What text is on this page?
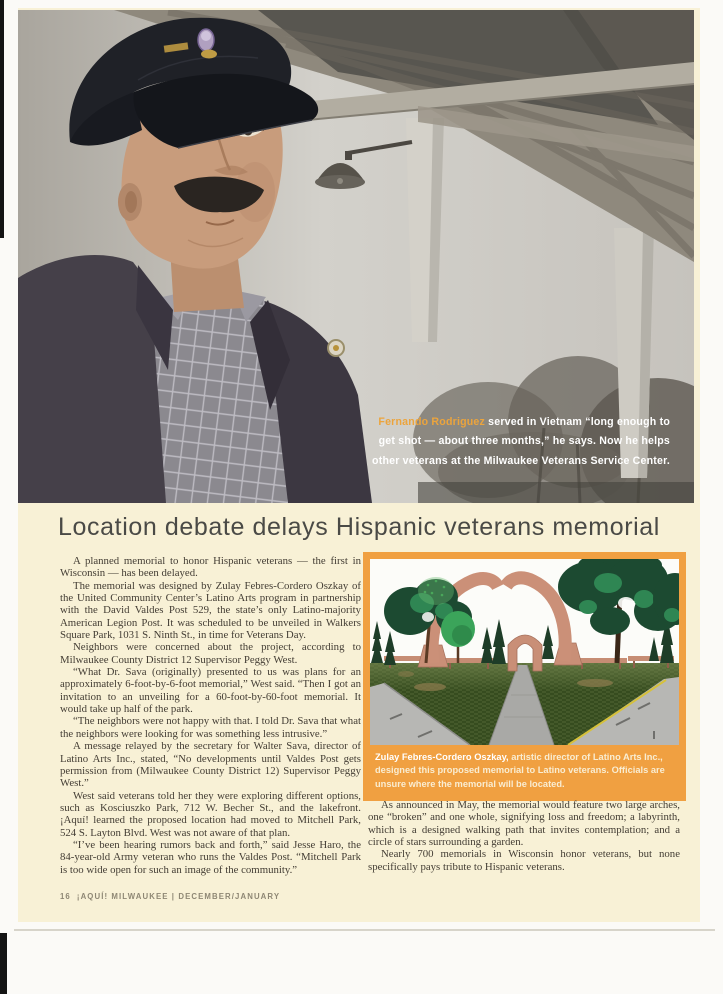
Fernando Rodriguez served in Vietnam “long enough to get shot — about three months,” he says. Now he helps other veterans at the Milwaukee Veterans Service Center.
Location debate delays Hispanic veterans memorial

A planned memorial to honor Hispanic veterans — the first in Wisconsin — has been delayed.

The memorial was designed by Zulay Febres-Cordero Oszkay of the United Community Center’s Latino Arts program in partnership with the David Valdes Post 529, the state’s only Latino-majority American Legion Post. It was scheduled to be unveiled in Walkers Square Park, 1031 S. Ninth St., in time for Veterans Day.

Neighbors were concerned about the project, according to Milwaukee County District 12 Supervisor Peggy West.

“What Dr. Sava (originally) presented to us was plans for an approximately 6-foot-by-6-foot memorial,” West said. “Then I got an invitation to an unveiling for a 60-foot-by-60-foot memorial. It would take up half of the park.

“The neighbors were not happy with that. I told Dr. Sava that what the neighbors were looking for was something less intrusive.”

A message relayed by the secretary for Walter Sava, director of Latino Arts Inc., stated, “No developments until Valdes Post gets permission from (Milwaukee County District 12) Supervisor Peggy West.”

West said veterans told her they were exploring different options, such as Kosciuszko Park, 712 W. Becher St., and the lakefront. ¡Aquí! learned the proposed location had moved to Mitchell Park, 524 S. Layton Blvd. West was not aware of that plan.

“I’ve been hearing rumors back and forth,” said Jesse Haro, the 84-year-old Army veteran who runs the Valdes Post. “Mitchell Park is too wide open for such an image of the community.”

Zulay Febres-Cordero Oszkay, artistic director of Latino Arts Inc., designed this proposed memorial to Latino veterans. Officials are unsure where the memorial will be located.

As announced in May, the memorial would feature two large arches, one “broken” and one whole, signifying loss and freedom; a labyrinth, which is a designed walking path that invites contemplation; and a circle of stars surrounding a garden.

Nearly 700 memorials in Wisconsin honor veterans, but none specifically pays tribute to Hispanic veterans.

16 ¡AQUÍ! MILWAUKEE | DECEMBER/JANUARY
